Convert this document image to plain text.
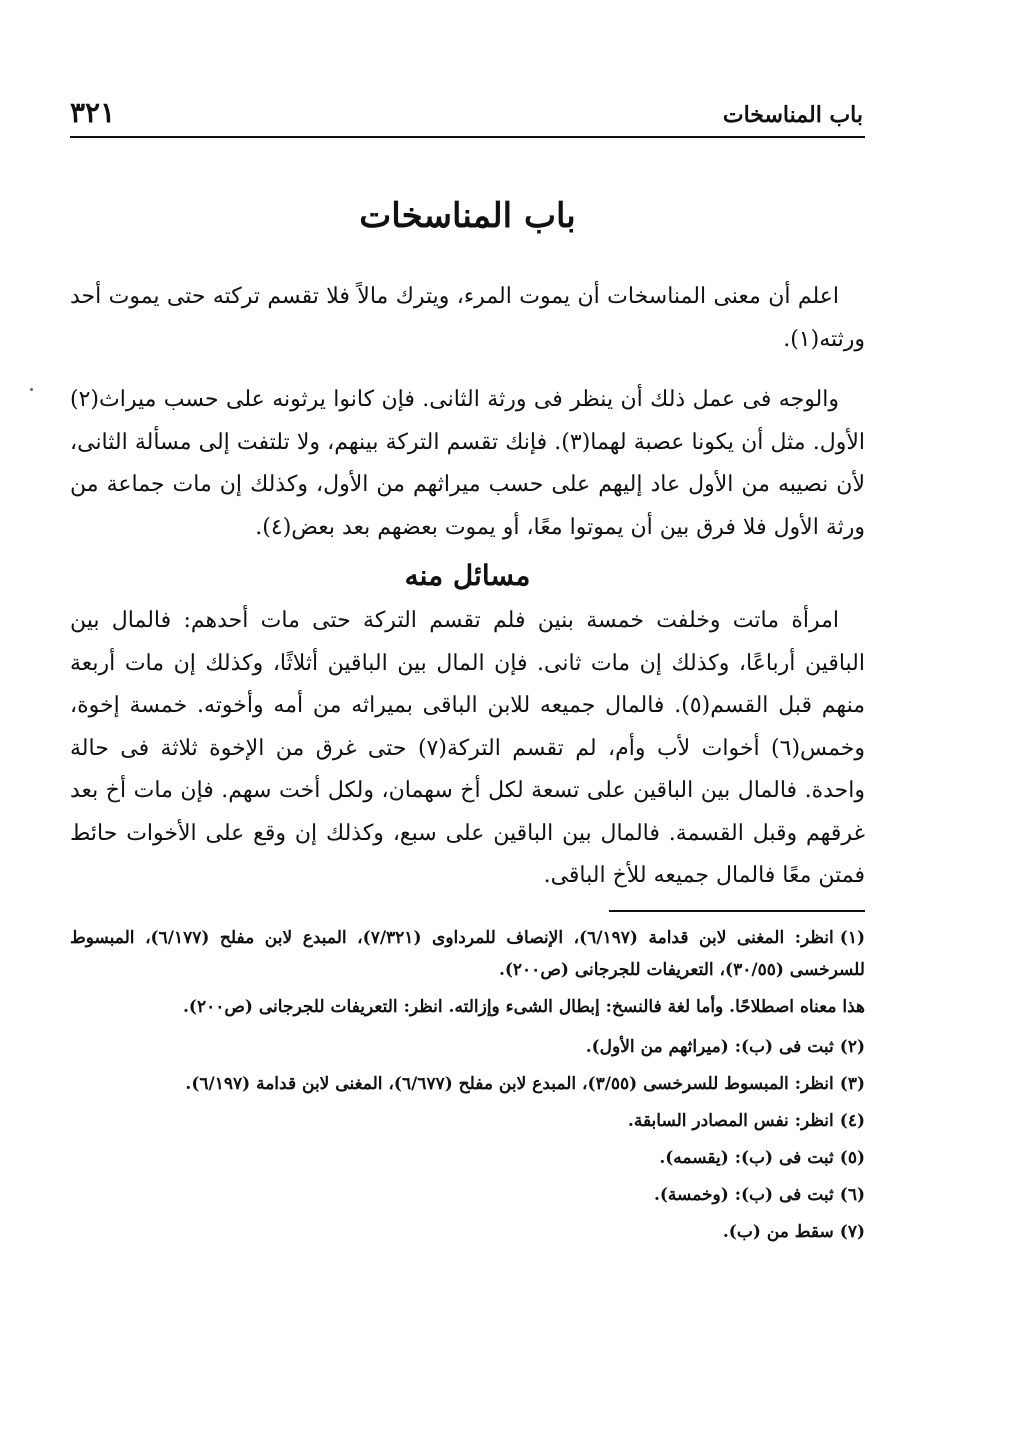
باب المناسخات
٣٢١
باب المناسخات

اعلم أن معنى المناسخات أن يموت المرء، ويترك مالاً فلا تقسم تركته حتى يموت أحد ورثته(١).

والوجه فى عمل ذلك أن ينظر فى ورثة الثانى. فإن كانوا يرثونه على حسب ميراث(٢) الأول. مثل أن يكونا عصبة لهما(٣). فإنك تقسم التركة بينهم، ولا تلتفت إلى مسألة الثانى، لأن نصيبه من الأول عاد إليهم على حسب ميراثهم من الأول، وكذلك إن مات جماعة من ورثة الأول فلا فرق بين أن يموتوا معًا، أو يموت بعضهم بعد بعض(٤).

مسائل منه

امرأة ماتت وخلفت خمسة بنين فلم تقسم التركة حتى مات أحدهم: فالمال بين الباقين أرباعًا، وكذلك إن مات ثانى. فإن المال بين الباقين أثلاثًا، وكذلك إن مات أربعة منهم قبل القسم(٥). فالمال جميعه للابن الباقى بميراثه من أمه وأخوته. خمسة إخوة، وخمس(٦) أخوات لأب وأم، لم تقسم التركة(٧) حتى غرق من الإخوة ثلاثة فى حالة واحدة. فالمال بين الباقين على تسعة لكل أخ سهمان، ولكل أخت سهم. فإن مات أخ بعد غرقهم وقبل القسمة. فالمال بين الباقين على سبع، وكذلك إن وقع على الأخوات حائط فمتن معًا فالمال جميعه للأخ الباقى.

(١)انظر: المغنى لابن قدامة (٦/١٩٧)، الإنصاف للمرداوى (٧/٣٢١)، المبدع لابن مفلح (٦/١٧٧)، المبسوط للسرخسى (٣٠/٥٥)، التعريفات للجرجانى (ص٢٠٠).

هذا معناه اصطلاحًا. وأما لغة فالنسخ: إبطال الشىء وإزالته. انظر: التعريفات للجرجانى (ص٢٠٠).

(٢)ثبت فى (ب): (ميراثهم من الأول).

(٣)انظر: المبسوط للسرخسى (٣/٥٥)، المبدع لابن مفلح (٦/٦٧٧)، المغنى لابن قدامة (٦/١٩٧).

(٤)انظر: نفس المصادر السابقة.

(٥)ثبت فى (ب): (يقسمه).

(٦)ثبت فى (ب): (وخمسة).

(٧)سقط من (ب).
